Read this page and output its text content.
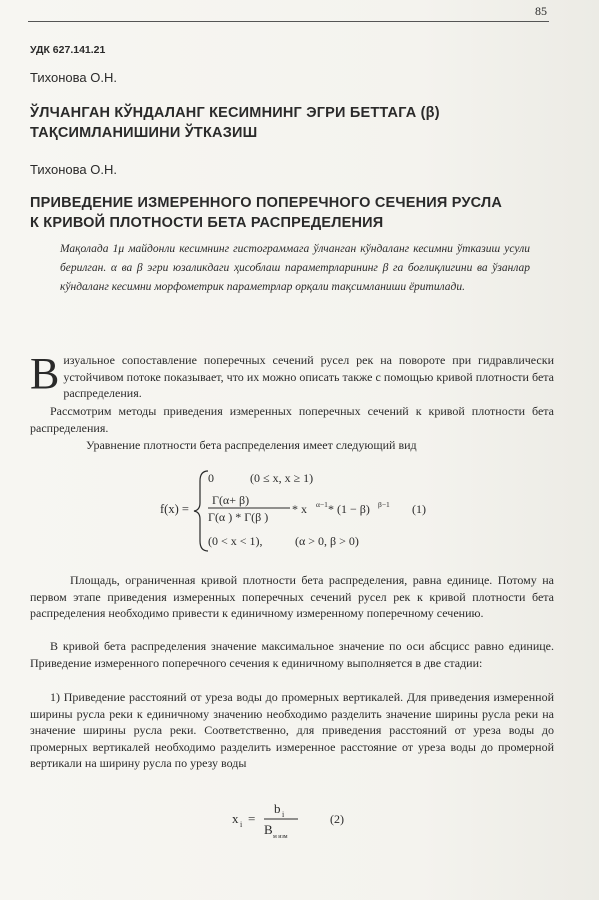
85
УДК 627.141.21
Тихонова О.Н.
ЎЛЧАНГАН КЎНДАЛАНГ КЕСИМНИНГ ЭГРИ БЕТТАГА (β)
ТАҚСИМЛАНИШИНИ ЎТКАЗИШ
Тихонова О.Н.
ПРИВЕДЕНИЕ ИЗМЕРЕННОГО ПОПЕРЕЧНОГО СЕЧЕНИЯ РУСЛА
К КРИВОЙ ПЛОТНОСТИ БЕТА РАСПРЕДЕЛЕНИЯ
Мақолада 1μ майдонли кесимнинг гистограммага ўлчанган кўндаланг кесимни ўтказиш усули берилган. α ва β эгри юзаликдаги ҳисоблаш параметрларининг β га боғлиқлигини ва ўзанлар кўндаланг кесимни морфометрик параметрлар орқали тақсимланиши ёритилади.
Визуальное сопоставление поперечных сечений русел рек на повороте при гидравлически устойчивом потоке показывает, что их можно описать также с помощью кривой плотности бета распределения.
Рассмотрим методы приведения измеренных поперечных сечений к кривой плотности бета распределения.
Уравнение плотности бета распределения имеет следующий вид
f(x) =
0	(0 ≤ x, x ≥ 1)
Γ(α+ β)
Γ(α ) * Γ(β )
* x α−1 * (1 − β) β−1 (1)
(0 < x < 1),	(α > 0, β > 0)
Площадь, ограниченная кривой плотности бета распределения, равна единице. Потому на первом этапе приведения измеренных поперечных сечений русел рек к кривой плотности бета распределения необходимо привести к единичному измеренному поперечному сечению.
В кривой бета распределения значение максимальное значение по оси абсцисс равно единице. Приведение измеренного поперечного сечения к единичному выполняется в две стадии:
1) Приведение расстояний от уреза воды до промерных вертикалей. Для приведения измеренной ширины русла реки к единичному значению необходимо разделить значение ширины русла реки на значение ширины русла реки. Соответственно, для приведения расстояний от уреза воды до промерных вертикалей необходимо разделить измеренное расстояние от уреза воды до промерной вертикали на ширину русла по урезу воды
x i =
b i
B м изм
(2)
